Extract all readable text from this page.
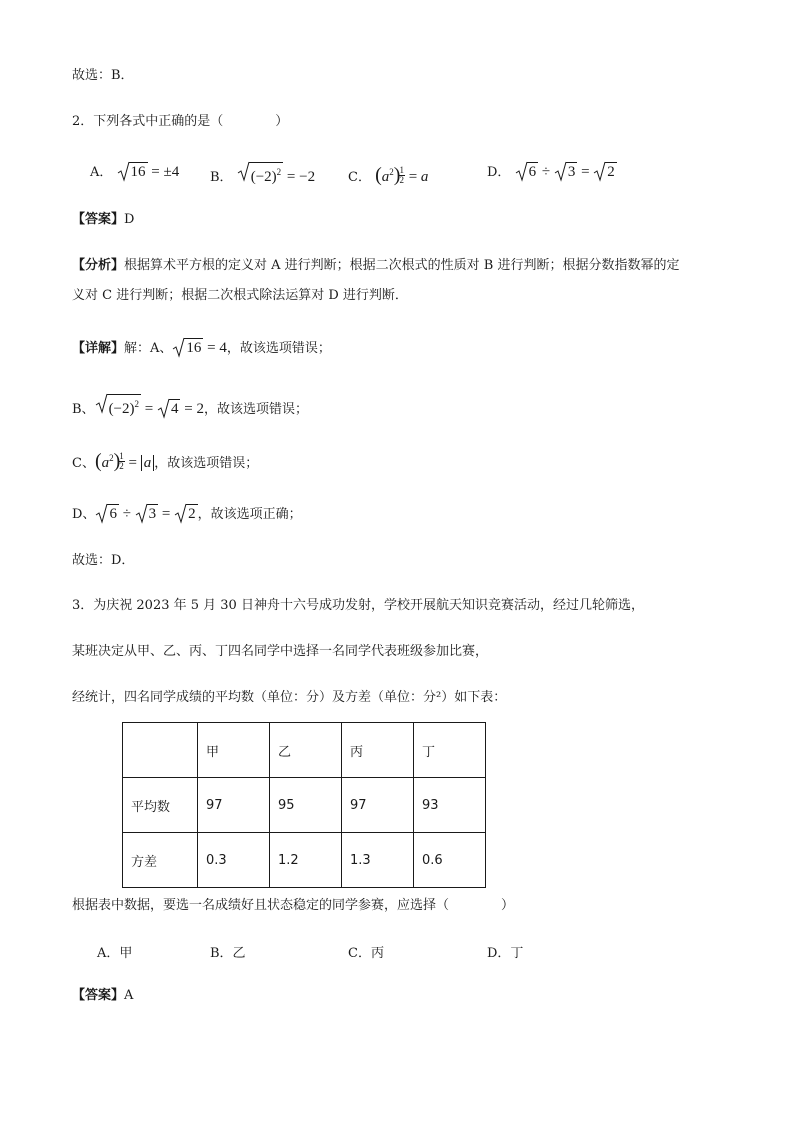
故选：B．
2．下列各式中正确的是（　　　　）
A． 16 = ±4 B． $(-2)^2 = -2$	C． $(a^2)$
$\frac{1}{2} = a$	D． 6 ÷
3 =
2
【答案】D
【分析】根据算术平方根的定义对 A 进行判断；根据二次根式的性质对 B 进行判断；根据分数指数幂的定
义对 C 进行判断；根据二次根式除法运算对 D 进行判断．
【详解】解：A、 16 = 4，故该选项错误；
B、 $(-2)^2$ =
4 = 2，故该选项错误；
C、$(a^2)$
$\frac{1}{2} = a$ ，故该选项错误；
D、 6 ÷
3 =
2 ，故该选项正确；
故选：D．
3．为庆祝 2023 年 5 月 30 日神舟十六号成功发射，学校开展航天知识竞赛活动，经过几轮筛选，
某班决定从甲、乙、丙、丁四名同学中选择一名同学代表班级参加比赛，
经统计，四名同学成绩的平均数（单位：分）及方差（单位：分²）如下表：
	甲	乙	丙	丁
平均数	97	95	97	93
方差	0.3	1.2	1.3	0.6
根据表中数据，要选一名成绩好且状态稳定的同学参赛，应选择（　　　　）
A．甲	B．乙	C．丙	D．丁
【答案】A
